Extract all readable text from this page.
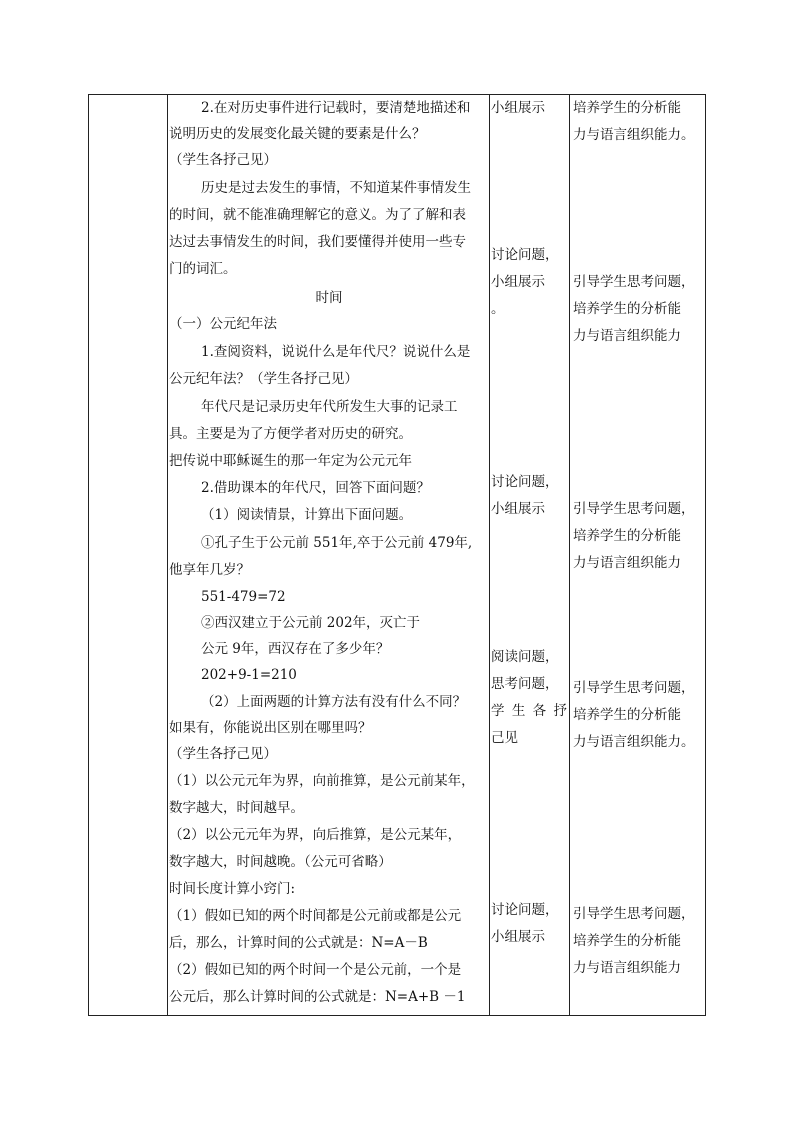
2.在对历史事件进行记载时，要清楚地描述和
说明历史的发展变化最关键的要素是什么？
（学生各抒己见）
历史是过去发生的事情，不知道某件事情发生
的时间，就不能准确理解它的意义。为了了解和表
达过去事情发生的时间，我们要懂得并使用一些专
门的词汇。
时间
（一）公元纪年法
1.查阅资料，说说什么是年代尺？说说什么是
公元纪年法？（学生各抒己见）
年代尺是记录历史年代所发生大事的记录工
具。主要是为了方便学者对历史的研究。
把传说中耶稣诞生的那一年定为公元元年
2.借助课本的年代尺，回答下面问题？
（1）阅读情景，计算出下面问题。
①孔子生于公元前 551年,卒于公元前 479年,
他享年几岁？
551-479=72
②西汉建立于公元前 202年，灭亡于
公元 9年，西汉存在了多少年？
202+9-1=210
（2）上面两题的计算方法有没有什么不同？
如果有，你能说出区别在哪里吗？
（学生各抒己见）
（1）以公元元年为界，向前推算，是公元前某年，
数字越大，时间越早。
（2）以公元元年为界，向后推算，是公元某年，
数字越大，时间越晚。（公元可省略）
时间长度计算小窍门:
（1）假如已知的两个时间都是公元前或都是公元
后，那么，计算时间的公式就是：N=A－B
（2）假如已知的两个时间一个是公元前，一个是
公元后，那么计算时间的公式就是：N=A+B －1
小组展示
讨论问题，
小组展示
。
讨论问题，
小组展示
阅读问题，
思考问题，
学 生 各 抒
己见
讨论问题，
小组展示
培养学生的分析能
力与语言组织能力。
引导学生思考问题，
培养学生的分析能
力与语言组织能力
引导学生思考问题，
培养学生的分析能
力与语言组织能力
引导学生思考问题，
培养学生的分析能
力与语言组织能力。
引导学生思考问题，
培养学生的分析能
力与语言组织能力
